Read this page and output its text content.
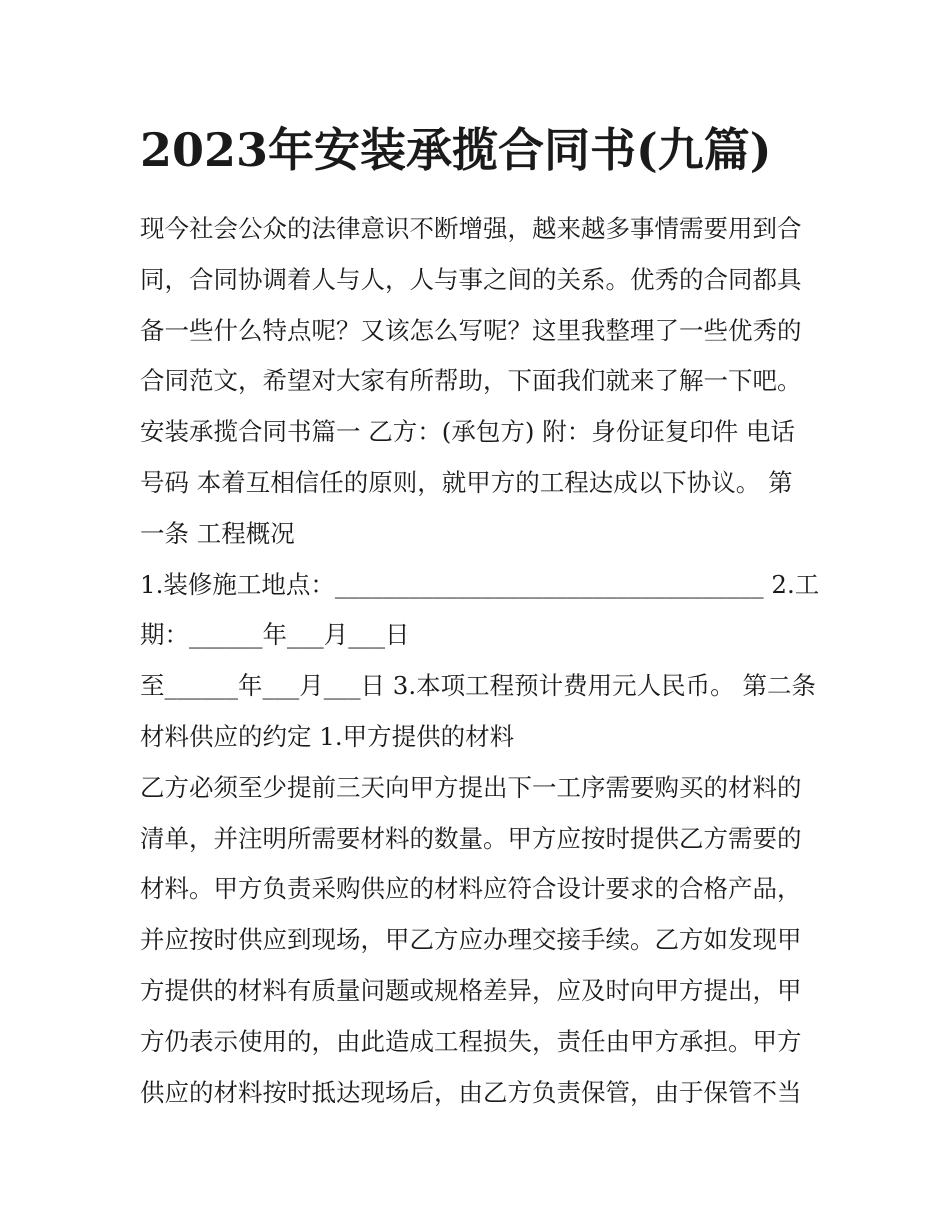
2023年安装承揽合同书(九篇)
现今社会公众的法律意识不断增强，越来越多事情需要用到合
同，合同协调着人与人，人与事之间的关系。优秀的合同都具
备一些什么特点呢？又该怎么写呢？这里我整理了一些优秀的
合同范文，希望对大家有所帮助，下面我们就来了解一下吧。
安装承揽合同书篇一 乙方：(承包方) 附：身份证复印件 电话
号码 本着互相信任的原则，就甲方的工程达成以下协议。 第
一条 工程概况
1.装修施工地点：___________________________________ 2.工
期：______年___月___日
至______年___月___日 3.本项工程预计费用元人民币。 第二条
材料供应的约定 1.甲方提供的材料
乙方必须至少提前三天向甲方提出下一工序需要购买的材料的
清单，并注明所需要材料的数量。甲方应按时提供乙方需要的
材料。甲方负责采购供应的材料应符合设计要求的合格产品，
并应按时供应到现场，甲乙方应办理交接手续。乙方如发现甲
方提供的材料有质量问题或规格差异，应及时向甲方提出，甲
方仍表示使用的，由此造成工程损失，责任由甲方承担。甲方
供应的材料按时抵达现场后，由乙方负责保管，由于保管不当
